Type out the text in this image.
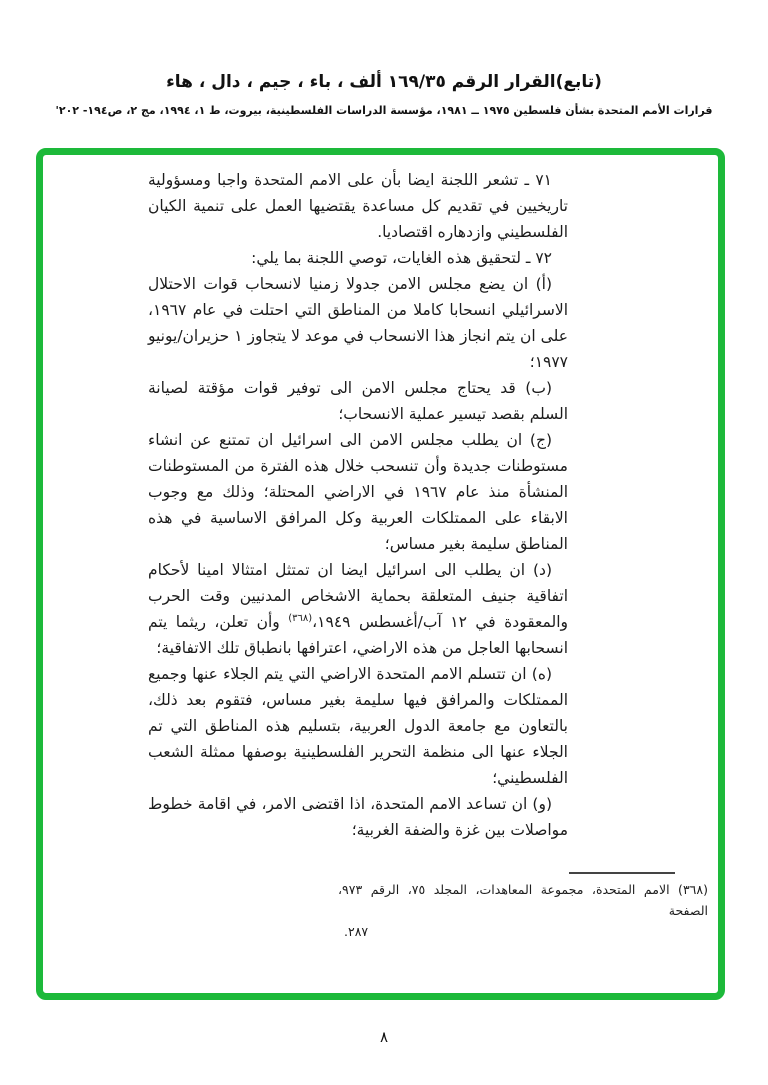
(تابع)القرار الرقم ١٦٩/٣٥ ألف ، باء ، جيم ، دال ، هاء
قرارات الأمم المتحدة بشأن فلسطين ١٩٧٥ ــ ١٩٨١، مؤسسة الدراسات الفلسطينية، بيروت، ط ١، ١٩٩٤، مج ٢، ص١٩٤- ٢٠٢'

٧١ ـ تشعر اللجنة ايضا بأن على الامم المتحدة واجبا ومسؤولية تاريخيين في تقديم كل مساعدة يقتضيها العمل على تنمية الكيان الفلسطيني وازدهاره اقتصاديا.

٧٢ ـ لتحقيق هذه الغايات، توصي اللجنة بما يلي:

(أ) ان يضع مجلس الامن جدولا زمنيا لانسحاب قوات الاحتلال الاسرائيلي انسحابا كاملا من المناطق التي احتلت في عام ١٩٦٧، على ان يتم انجاز هذا الانسحاب في موعد لا يتجاوز ١ حزيران/يونيو ١٩٧٧؛

(ب) قد يحتاج مجلس الامن الى توفير قوات مؤقتة لصيانة السلم بقصد تيسير عملية الانسحاب؛

(ج) ان يطلب مجلس الامن الى اسرائيل ان تمتنع عن انشاء مستوطنات جديدة وأن تنسحب خلال هذه الفترة من المستوطنات المنشأة منذ عام ١٩٦٧ في الاراضي المحتلة؛ وذلك مع وجوب الابقاء على الممتلكات العربية وكل المرافق الاساسية في هذه المناطق سليمة بغير مساس؛

(د) ان يطلب الى اسرائيل ايضا ان تمتثل امتثالا امينا لأحكام اتفاقية جنيف المتعلقة بحماية الاشخاص المدنيين وقت الحرب والمعقودة في ١٢ آب/أغسطس ١٩٤٩،$^{(٣٦٨)}$ وأن تعلن، ريثما يتم انسحابها العاجل من هذه الاراضي، اعترافها بانطباق تلك الاتفاقية؛

(ه) ان تتسلم الامم المتحدة الاراضي التي يتم الجلاء عنها وجميع الممتلكات والمرافق فيها سليمة بغير مساس، فتقوم بعد ذلك، بالتعاون مع جامعة الدول العربية، بتسليم هذه المناطق التي تم الجلاء عنها الى منظمة التحرير الفلسطينية بوصفها ممثلة الشعب الفلسطيني؛

(و) ان تساعد الامم المتحدة، اذا اقتضى الامر، في اقامة خطوط مواصلات بين غزة والضفة الغربية؛

(٣٦٨) الامم المتحدة، مجموعة المعاهدات، المجلد ٧٥، الرقم ٩٧٣، الصفحة
٢٨٧.
٨
